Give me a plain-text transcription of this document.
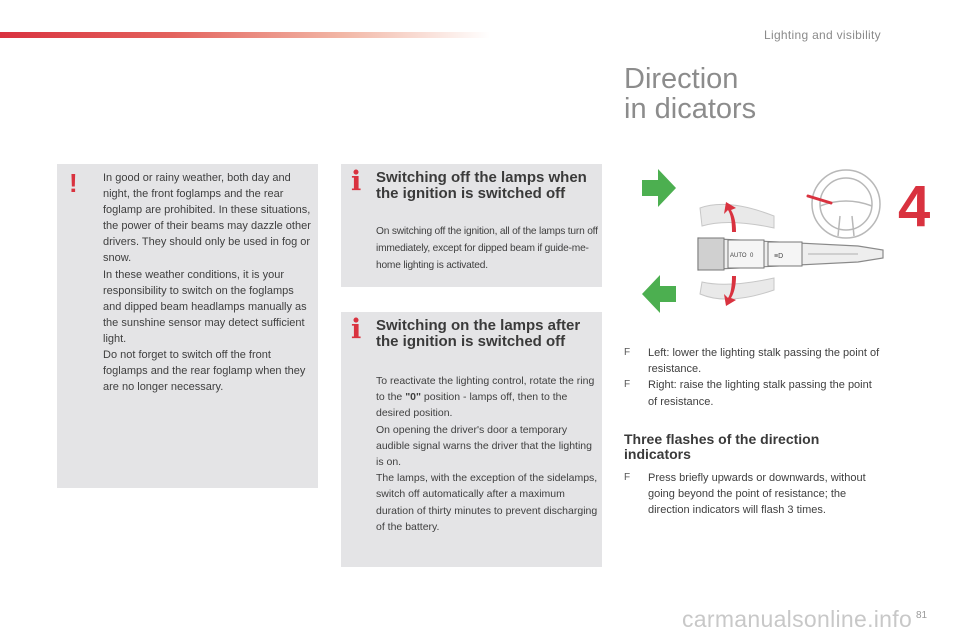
Lighting and visibility
Direction
in dicators
4
! In good or rainy weather, both day and night, the front foglamps and the rear foglamp are prohibited. In these situations, the power of their beams may dazzle other drivers. They should only be used in fog or snow.

In these weather conditions, it is your responsibility to switch on the foglamps and dipped beam headlamps manually as the sunshine sensor may detect sufficient light.

Do not forget to switch off the front foglamps and the rear foglamp when they are no longer necessary.

i Switching off the lamps when the ignition is switched off

On switching off the ignition, all of the lamps turn off immediately, except for dipped beam if guide-me-home lighting is activated.

i Switching on the lamps after the ignition is switched off

To reactivate the lighting control, rotate the ring to the "0" position - lamps off, then to the desired position.

On opening the driver's door a temporary audible signal warns the driver that the lighting is on.

The lamps, with the exception of the sidelamps, switch off automatically after a maximum duration of thirty minutes to prevent discharging of the battery.

AUTO 0	≡D
F Left: lower the lighting stalk passing the point of resistance.
F Right: raise the lighting stalk passing the point of resistance.
Three flashes of the direction indicators
F Press briefly upwards or downwards, without going beyond the point of resistance; the direction indicators will flash 3 times.
carmanualsonline.info 81
